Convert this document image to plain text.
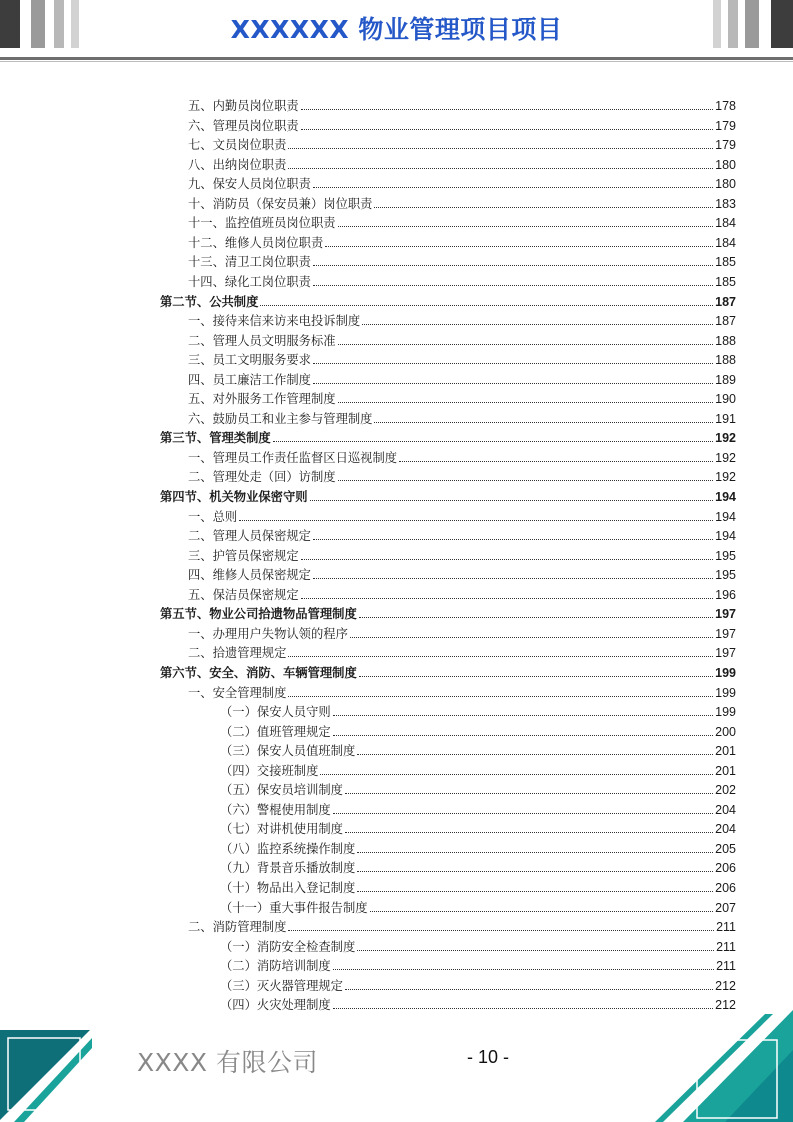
XXXXXX 物业管理项目项目
五、内勤员岗位职责	178
六、管理员岗位职责	179
七、文员岗位职责	179
八、出纳岗位职责	180
九、保安人员岗位职责	180
十、消防员（保安员兼）岗位职责	183
十一、监控值班员岗位职责	184
十二、维修人员岗位职责	184
十三、清卫工岗位职责	185
十四、绿化工岗位职责	185
第二节、公共制度	187
一、接待来信来访来电投诉制度	187
二、管理人员文明服务标准	188
三、员工文明服务要求	188
四、员工廉洁工作制度	189
五、对外服务工作管理制度	190
六、鼓励员工和业主参与管理制度	191
第三节、管理类制度	192
一、管理员工作责任监督区日巡视制度	192
二、管理处走（回）访制度	192
第四节、机关物业保密守则	194
一、总则	194
二、管理人员保密规定	194
三、护管员保密规定	195
四、维修人员保密规定	195
五、保洁员保密规定	196
第五节、物业公司拾遗物品管理制度	197
一、办理用户失物认领的程序	197
二、拾遗管理规定	197
第六节、安全、消防、车辆管理制度	199
一、安全管理制度	199
（一）保安人员守则	199
（二）值班管理规定	200
（三）保安人员值班制度	201
（四）交接班制度	201
（五）保安员培训制度	202
（六）警棍使用制度	204
（七）对讲机使用制度	204
（八）监控系统操作制度	205
（九）背景音乐播放制度	206
（十）物品出入登记制度	206
（十一）重大事件报告制度	207
二、消防管理制度	211
（一）消防安全检查制度	211
（二）消防培训制度	211
（三）灭火器管理规定	212
（四）火灾处理制度	212
XXXX 有限公司	- 10 -
